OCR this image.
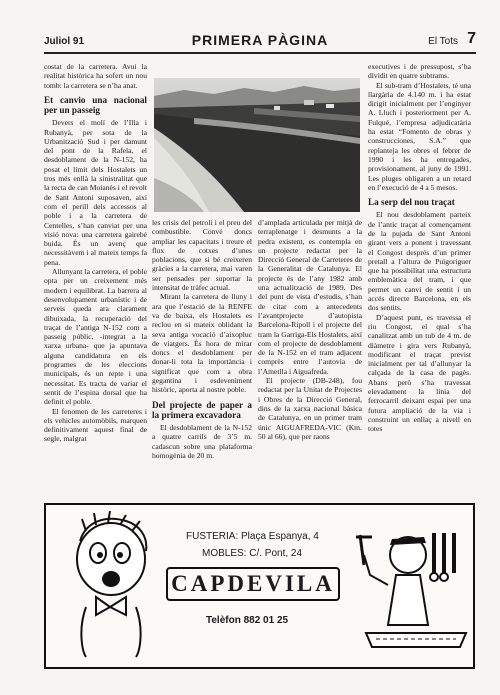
Juliol 91	PRIMERA PÀGINA	El Tots 7

costat de la carretera. Avui la realitat històrica ha sofert un nou tomb: la carretera se n’ha anat.

Et canvio una nacional per un passeig

Devers el molí de l’Illa i Rubanyà, per sota de la Urbanització Sud i per damunt del pont de la Rafela, el desdoblament de la N-152, ha posat el límit dels Hostalets un tros més enllà la sinistralitat que la recta de can Moianès i el revolt de Sant Antoni suposaven, així com el perill dels accessos al poble i a la carretera de Centelles, s’han canviat per una visió nova: una carretera gairebé buida. És un avenç que necessitàvem i al mateix temps fa pena.

Allunyant la carretera, el poble opta per un creixement més modern i equilibrat. La barrera al desenvolupament urbanístic i de serveis queda ara clarament dibuixada, la recuperació del traçat de l’antiga N-152 com a passeig públic, -integrat a la xarxa urbana- que ja apuntava alguna candidatura en els programes de les eleccions municipals, és un repte i una necessitat. Es tracta de variar el sentit de l’espina dorsal que ha definit el poble.

El fenomen de les carreteres i els vehicles automòbils, marquen definitivament aquest final de segle, malgrat

les crisis del petroli i el preu del combustible. Convé doncs ampliar les capacitats i treure el flux de cotxes d’unes poblacions, que si bé creixeren gràcies a la carretera, mai varen ser pensades per suportar la intensitat de tràfec actual.

Mirant la carretera de lluny i ara que l’estació de la RENFE va de baixa, els Hostalets es reclou en si mateix oblidant la seva antiga vocació d’aixopluc de viatgers. És hora de mirar doncs el desdoblament per donar-li tota la importància i significat que com a obra gegantina i esdeveniment històric, aporta al nostre poble.

Del projecte de paper a la primera excavadora

El desdoblament de la N-152 a quatre carrils de 3’5 m. cadascun sobre una plataforma homogènia de 20 m.

d’amplada articulada per mitjà de terraplenatge i desmunts a la pedra existent, es contempla en un projecte redactat per la Direcció General de Carreteres de la Generalitat de Catalunya. El projecte és de l’any 1982 amb una actualització de 1989. Des del punt de vista d’estudis, s’han de citar com a antecedents l’avantprojecte d’autopista Barcelona-Ripoll i el projecte del tram la Garriga-Els Hostalets, així com el projecte de desdoblament de la N-152 en el tram adjacent comprès entre l’autovia de l’Ametlla i Aiguafreda.

El projecte (DB-248), fou redactat per la Unitat de Projectes i Obres de la Direcció General, dins de la xarxa nacional bàsica de Catalunya, en un primer tram únic AIGUAFREDA-VIC (Km. 50 al 66), que per raons

executives i de pressupost, s’ha dividit en quatre subtrams.

El sub-tram d’Hostalets, té una llargària de 4.140 m. i ha estat dirigit inicialment per l’enginyer A. Lluch i posteriorment per A. Fulqué, l’empresa adjudicatària ha estat “Fomento de obras y construcciones, S.A.” que replanteja les obres el febrer de 1990 i les ha entregades, provisionament, al juny de 1991. Les pluges obligaren a un retard en l’execució de 4 a 5 mesos.

La serp del nou traçat

El nou desdoblament parteix de l’antic traçat al començament de la pujada de Sant Antoni girant vers a ponent i travessant el Congost després d’un primer pretall a l’altura de Puigoriguer que ha possibilitat una estructura emblemàtica del tram, i que permet un canvi de sentit i un accés directe Barcelona, en els dos sentits.

D’aquest punt, es travessa el riu Congost, el qual s’ha canalitzat amb un tub de 4 m. de diàmetre i gira vers Rubanyà, modificant el traçat previst inicialment per tal d’allunyar la calçada de la casa de pagès. Abans però s’ha travessat elevadament la línia del ferrocarril deixant espai per una futura ampliació de la via i construint un enllaç a nivell en totes

FUSTERIA: Plaça Espanya, 4
MOBLES: C/. Pont, 24
CAPDEVILA
Telèfon 882 01 25
